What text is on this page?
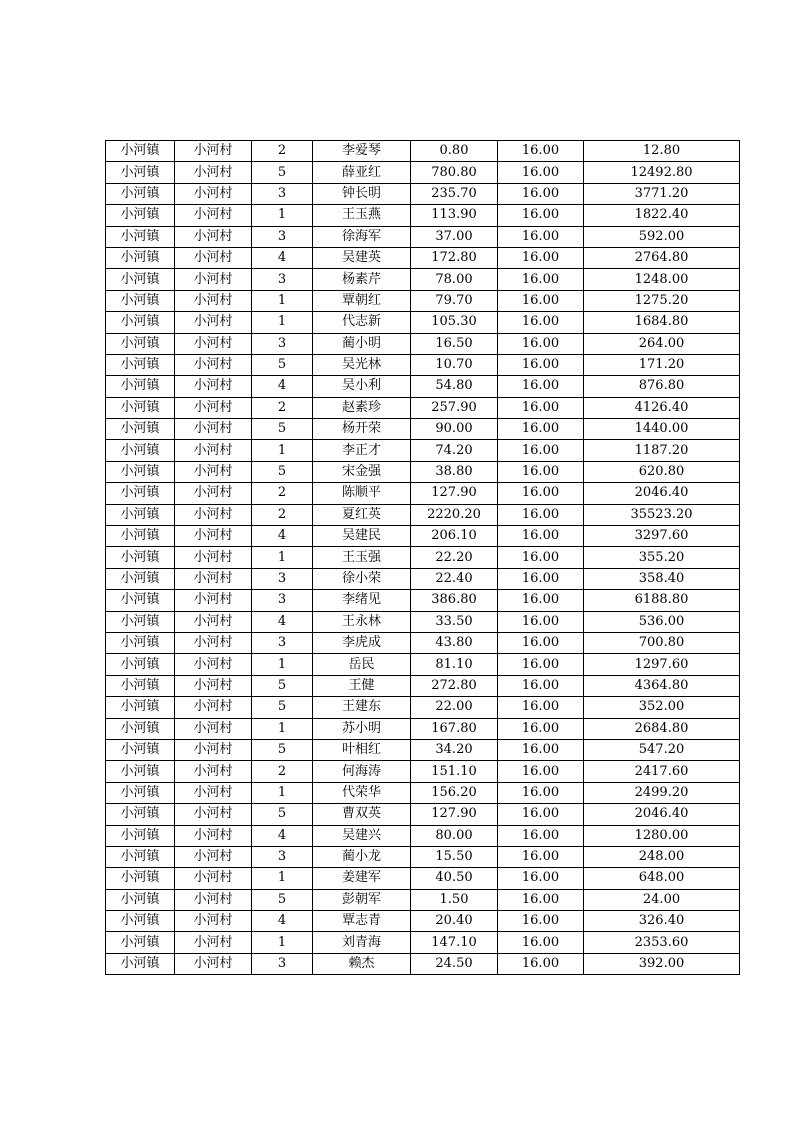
小河镇	小河村	2	李爱琴	0.80	16.00	12.80
小河镇	小河村	5	薛亚红	780.80	16.00	12492.80
小河镇	小河村	3	钟长明	235.70	16.00	3771.20
小河镇	小河村	1	王玉燕	113.90	16.00	1822.40
小河镇	小河村	3	徐海军	37.00	16.00	592.00
小河镇	小河村	4	吴建英	172.80	16.00	2764.80
小河镇	小河村	3	杨素芹	78.00	16.00	1248.00
小河镇	小河村	1	覃朝红	79.70	16.00	1275.20
小河镇	小河村	1	代志新	105.30	16.00	1684.80
小河镇	小河村	3	蔺小明	16.50	16.00	264.00
小河镇	小河村	5	吴光林	10.70	16.00	171.20
小河镇	小河村	4	吴小利	54.80	16.00	876.80
小河镇	小河村	2	赵素珍	257.90	16.00	4126.40
小河镇	小河村	5	杨开荣	90.00	16.00	1440.00
小河镇	小河村	1	李正才	74.20	16.00	1187.20
小河镇	小河村	5	宋金强	38.80	16.00	620.80
小河镇	小河村	2	陈顺平	127.90	16.00	2046.40
小河镇	小河村	2	夏红英	2220.20	16.00	35523.20
小河镇	小河村	4	吴建民	206.10	16.00	3297.60
小河镇	小河村	1	王玉强	22.20	16.00	355.20
小河镇	小河村	3	徐小荣	22.40	16.00	358.40
小河镇	小河村	3	李绪见	386.80	16.00	6188.80
小河镇	小河村	4	王永林	33.50	16.00	536.00
小河镇	小河村	3	李虎成	43.80	16.00	700.80
小河镇	小河村	1	岳民	81.10	16.00	1297.60
小河镇	小河村	5	王健	272.80	16.00	4364.80
小河镇	小河村	5	王建东	22.00	16.00	352.00
小河镇	小河村	1	苏小明	167.80	16.00	2684.80
小河镇	小河村	5	叶相红	34.20	16.00	547.20
小河镇	小河村	2	何海涛	151.10	16.00	2417.60
小河镇	小河村	1	代荣华	156.20	16.00	2499.20
小河镇	小河村	5	曹双英	127.90	16.00	2046.40
小河镇	小河村	4	吴建兴	80.00	16.00	1280.00
小河镇	小河村	3	蔺小龙	15.50	16.00	248.00
小河镇	小河村	1	姜建军	40.50	16.00	648.00
小河镇	小河村	5	彭朝军	1.50	16.00	24.00
小河镇	小河村	4	覃志青	20.40	16.00	326.40
小河镇	小河村	1	刘青海	147.10	16.00	2353.60
小河镇	小河村	3	赖杰	24.50	16.00	392.00
